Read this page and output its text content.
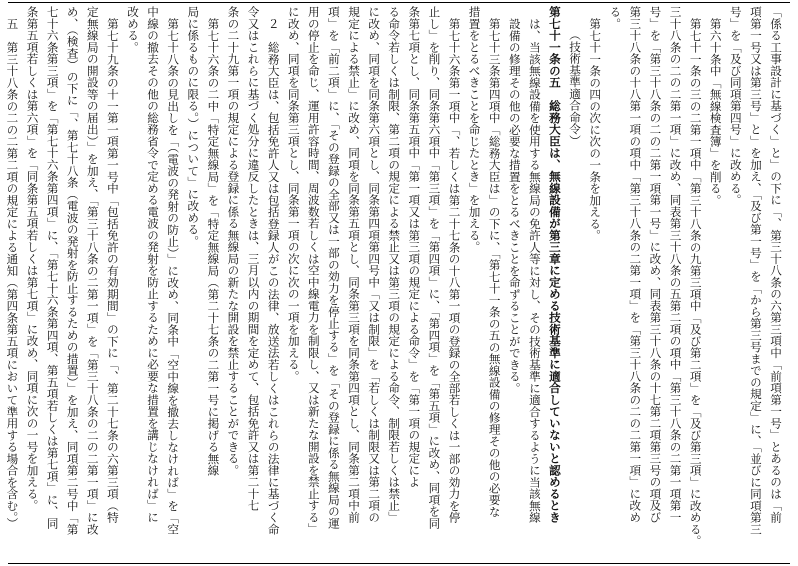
「係る工事設計に基づく」と」の下に「、第三十八条の六第三項中「前項第一号」とあるのは「前
項第一号又は第三号」と」を加え、「及び第一号」を「から第三号までの規定」に、「並びに同項第三
号」を「及び同項第四号」に改める。
第六十条中「無線検査簿」を削る。
第七十一条の三の二第一項中「第三十八条の九第三項中「及び第二項」を「及び第三項」に改める。
三十八条の二の二第一項」に改め、同表第三十八条の五第二項の項中「第三十八条の二第一項第一
号」を「第三十八条の二の二第一項第一号」に改め、同表第三十八条の十七第二項第三号の項及び
第三十八条の十八第一項の項中「第三十八条の二第一項」を「第三十八条の二の二第一項」に改め
る。
第七十一条の四の次に次の一条を加える。
（技術基準適合命令）
第七十一条の五　総務大臣は、無線設備が第三章に定める技術基準に適合していないと認めるとき
は、当該無線設備を使用する無線局の免許人等に対し、その技術基準に適合するように当該無線
設備の修理その他の必要な措置をとるべきことを命ずることができる。
第七十三条第四項中「総務大臣は」の下に、「第七十一条の五の無線設備の修理その他の必要な
措置をとるべきことを命じたとき」を加える。
第七十六条第一項中「、若しくは第二十七条の十八第一項の登録の全部若しくは一部の効力を停
止し」を削り、同条第六項中「第三項」を「第四項」に、「第四項」を「第五項」に改め、同項を同
条第七項とし、同条第五項中「第一項又は第三項の規定による命令」を「第一項の規定によ
る命令若しくは制限、第二項の規定による禁止又は第三項の規定による命令、制限若しくは禁止」
に改め、同項を同条第六項とし、同条第四項第四号中「又は制限」を「若しくは制限又は第二項の
規定による禁止」に改め、同項を同条第五項とし、同条第三項を同条第四項とし、同条第二項中前
項」を「前二項」に、「その登録の全部又は一部の効力を停止する」を「その登録に係る無線局の運
用の停止を命じ、運用許容時間、周波数若しくは空中線電力を制限し、又は新たな開設を禁止する」
に改め、同項を同条第三項とし、同条第一項の次に次の一項を加える。
２　総務大臣は、包括免許人又は包括登録人がこの法律、放送法若しくはこれらの法律に基づく命
令又はこれらに基づく処分に違反したときは、三月以内の期間を定めて、包括免許又は第二十七
条の二十九第一項の規定による登録に係る無線局の新たな開設を禁止することができる。
第七十六条の二中「特定無線局」を「特定無線局（第二十七条の二第一号に掲げる無線
局に係るものに限る。）について」に改める。
第七十八条の見出しを「（電波の発射の防止）」に改め、同条中「空中線を撤去しなければ」を「空
中線の撤去その他の総務省令で定める電波の発射を防止するために必要な措置を講じなければ」に
改める。
第七十九条の十一第一項第一号中「包括免許の有効期間」の下に「、第二十七条の六第三項（特
定無線局の開設等の届出）」を加え、「第三十八条の二第一項」を「第三十八条の二の二第一項」に改
め、（検査）の下に「、第七十八条（電波の発射を防止するための措置）」を加え、同項第二号中「第
七十六条第三項」を「第七十六条第四項」に、「第七十六条第四項、第五項若しくは第七項」に、同
条第五項若しくは第六項」を「同条第五項若しくは第七項」に改め、同項に次の一号を加える。
五　第三十八条の二の二第二項の規定による通知（第四条第五項において準用する場合を含む。）
